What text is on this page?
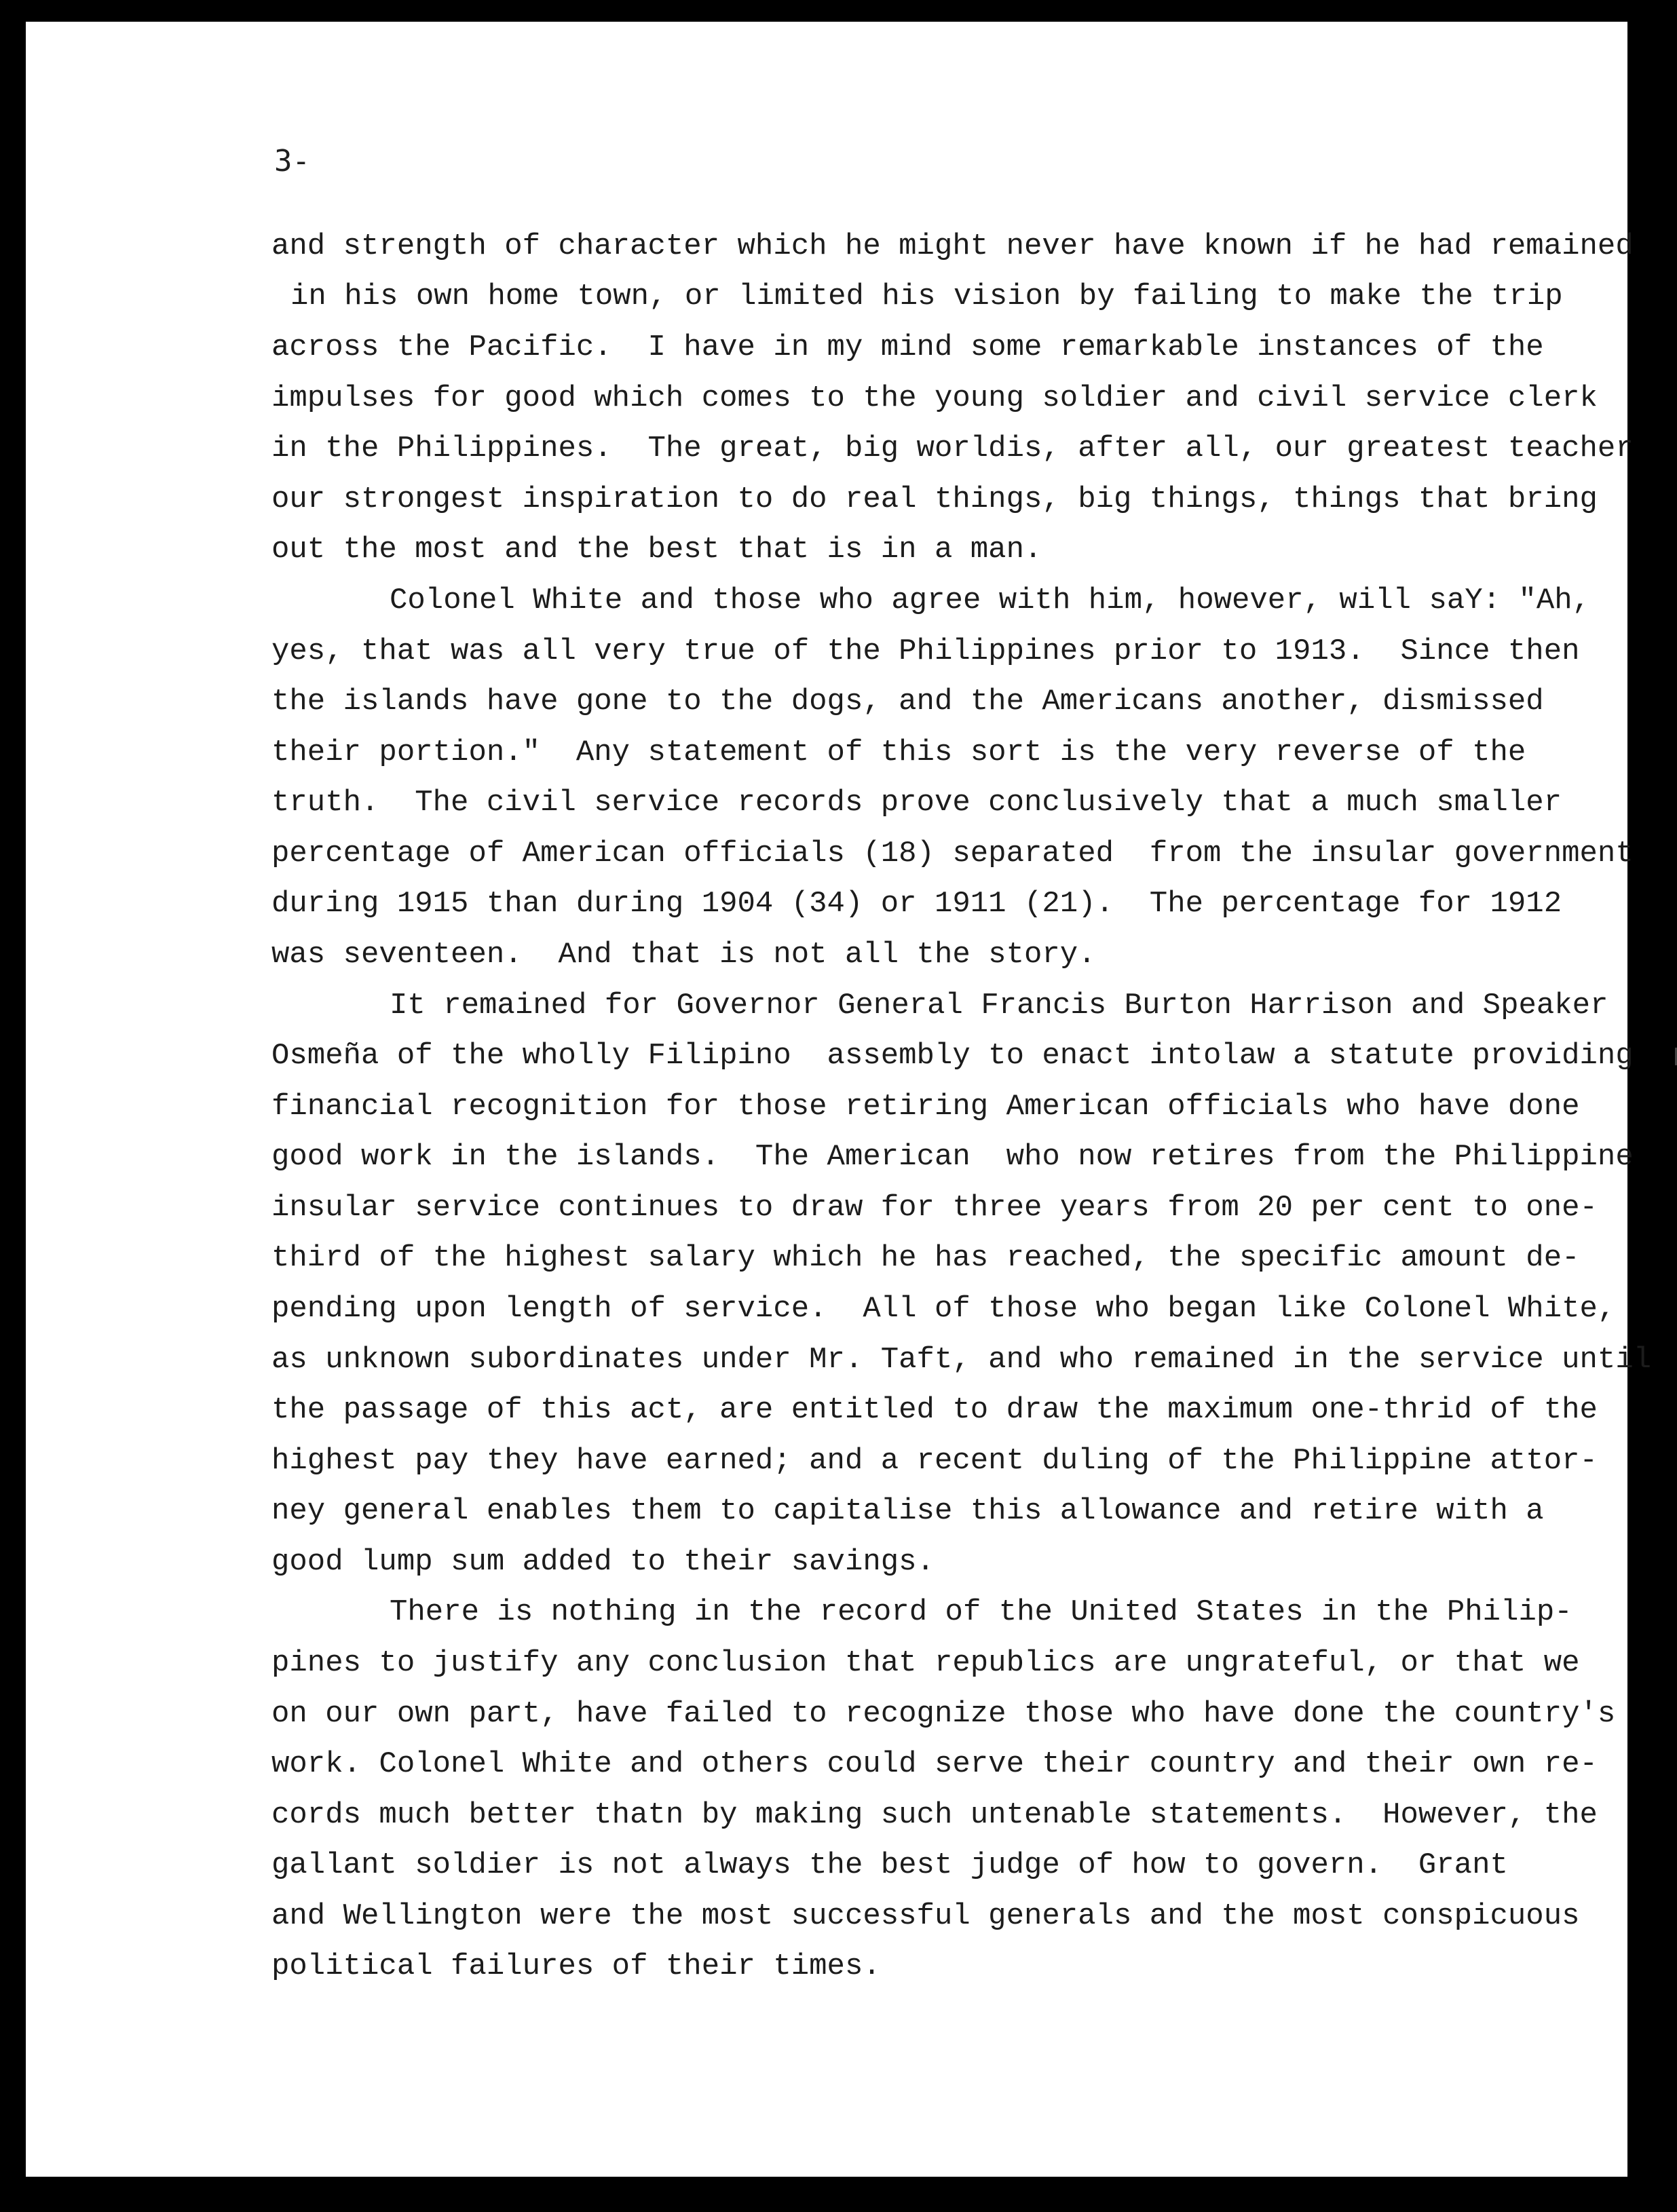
3-

and strength of character which he might never have known if he had remained

in his own home town, or limited his vision by failing to make the trip

across the Pacific.  I have in my mind some remarkable instances of the

impulses for good which comes to the young soldier and civil service clerk

in the Philippines.  The great, big worldis, after all, our greatest teacher

our strongest inspiration to do real things, big things, things that bring

out the most and the best that is in a man.

Colonel White and those who agree with him, however, will saY: "Ah,

yes, that was all very true of the Philippines prior to 1913.  Since then

the islands have gone to the dogs, and the Americans another, dismissed

their portion."  Any statement of this sort is the very reverse of the

truth.  The civil service records prove conclusively that a much smaller

percentage of American officials (18) separated  from the insular government

during 1915 than during 1904 (34) or 1911 (21).  The percentage for 1912

was seventeen.  And that is not all the story.

It remained for Governor General Francis Burton Harrison and Speaker

Osmeña of the wholly Filipino  assembly to enact intolaw a statute providing

financial recognition for those retiring American officials who have done

good work in the islands.  The American  who now retires from the Philippine

insular service continues to draw for three years from 20 per cent to one-

third of the highest salary which he has reached, the specific amount de-

pending upon length of service.  All of those who began like Colonel White,

as unknown subordinates under Mr. Taft, and who remained in the service until

the passage of this act, are entitled to draw the maximum one-thrid of the

highest pay they have earned; and a recent duling of the Philippine attor-

ney general enables them to capitalise this allowance and retire with a

good lump sum added to their savings.

There is nothing in the record of the United States in the Philip-

pines to justify any conclusion that republics are ungrateful, or that we

on our own part, have failed to recognize those who have done the country's

work. Colonel White and others could serve their country and their own re-

cords much better thatn by making such untenable statements.  However, the

gallant soldier is not always the best judge of how to govern.  Grant

and Wellington were the most successful generals and the most conspicuous

political failures of their times.
